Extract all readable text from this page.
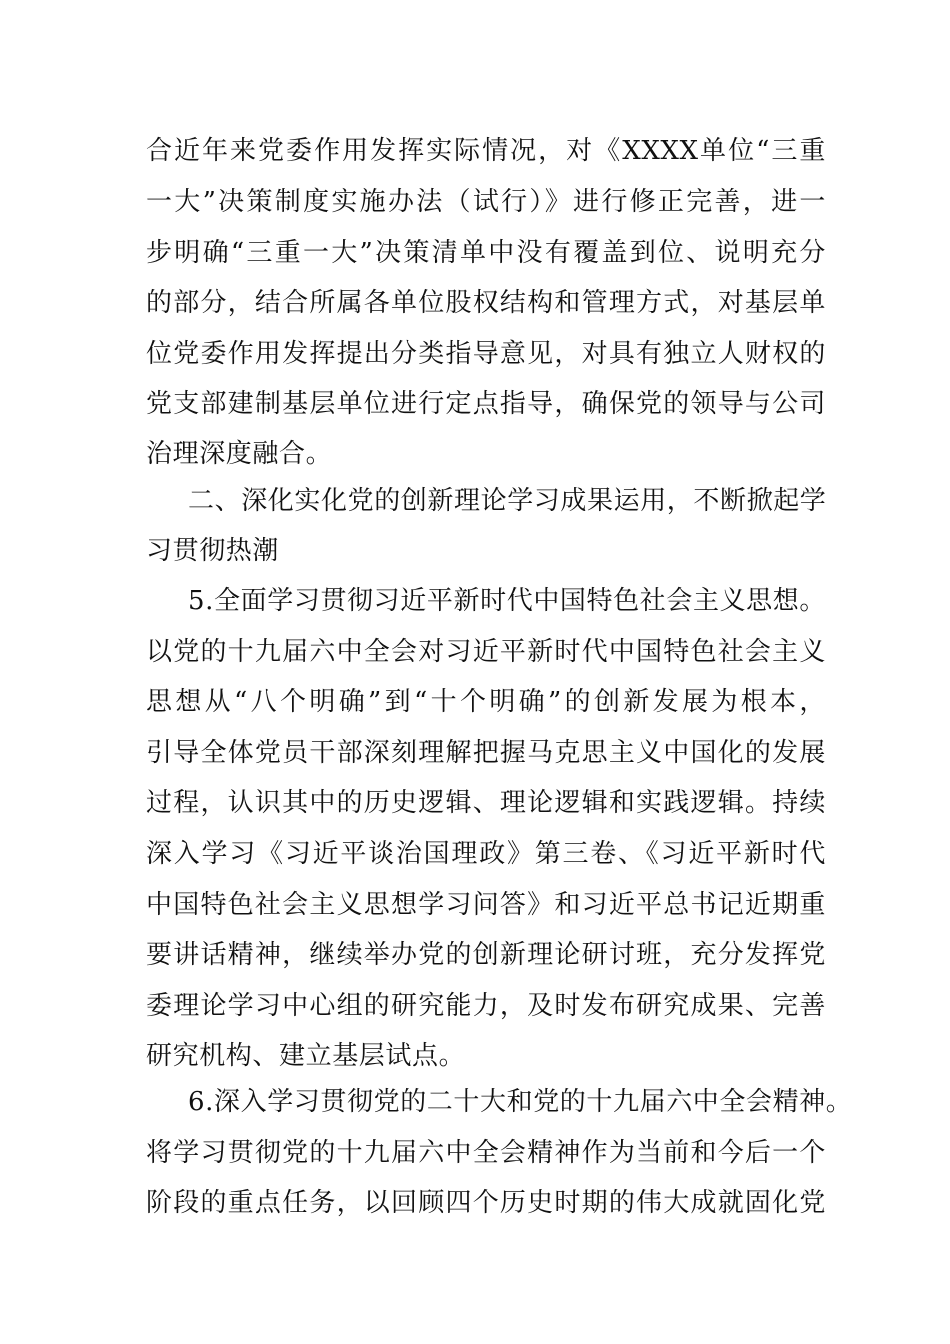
合近年来党委作用发挥实际情况，对《XXXX单位“三重
一大”决策制度实施办法（试行）》进行修正完善，进一
步明确“三重一大”决策清单中没有覆盖到位、说明充分
的部分，结合所属各单位股权结构和管理方式，对基层单
位党委作用发挥提出分类指导意见，对具有独立人财权的
党支部建制基层单位进行定点指导，确保党的领导与公司
治理深度融合。
二、深化实化党的创新理论学习成果运用，不断掀起学
习贯彻热潮
5.全面学习贯彻习近平新时代中国特色社会主义思想。
以党的十九届六中全会对习近平新时代中国特色社会主义
思想从“八个明确”到“十个明确”的创新发展为根本，
引导全体党员干部深刻理解把握马克思主义中国化的发展
过程，认识其中的历史逻辑、理论逻辑和实践逻辑。持续
深入学习《习近平谈治国理政》第三卷、《习近平新时代
中国特色社会主义思想学习问答》和习近平总书记近期重
要讲话精神，继续举办党的创新理论研讨班，充分发挥党
委理论学习中心组的研究能力，及时发布研究成果、完善
研究机构、建立基层试点。
6.深入学习贯彻党的二十大和党的十九届六中全会精神。
将学习贯彻党的十九届六中全会精神作为当前和今后一个
阶段的重点任务，以回顾四个历史时期的伟大成就固化党
